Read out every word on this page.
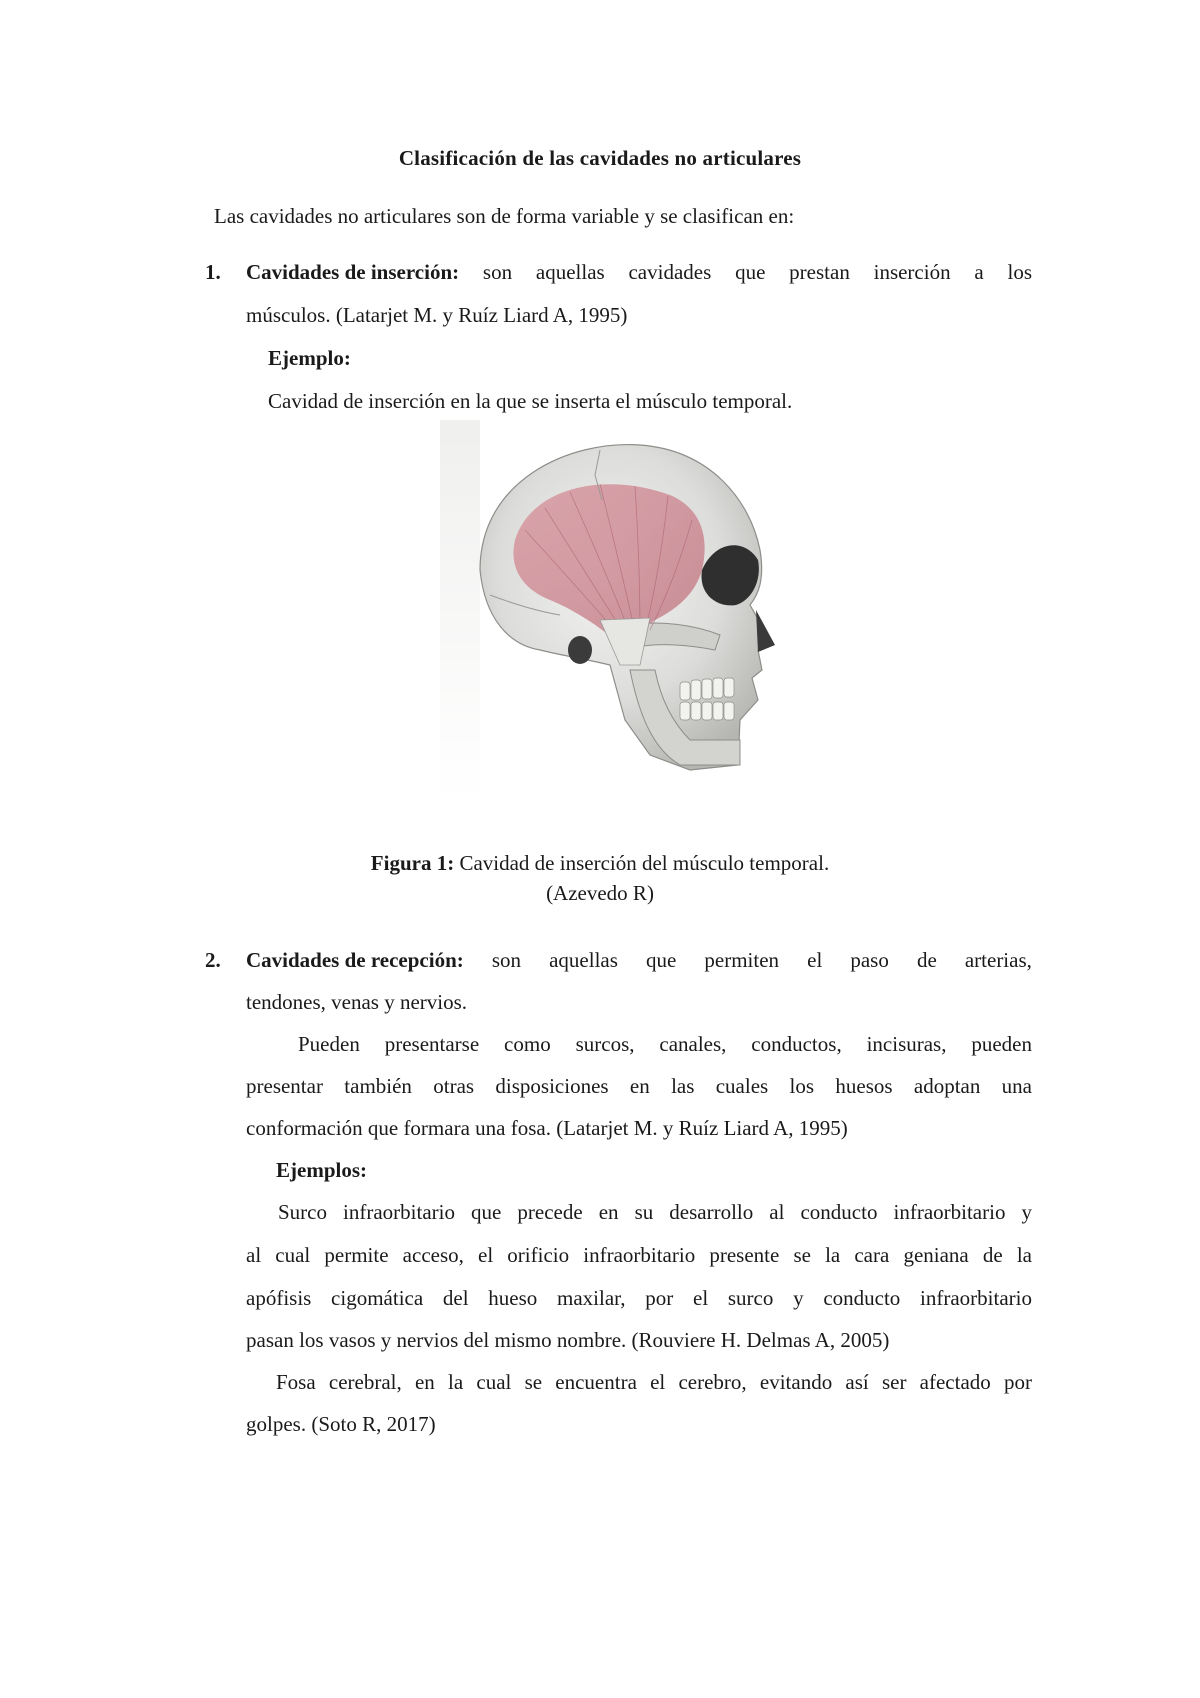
Clasificación de las cavidades no articulares
Las cavidades no articulares son de forma variable y se clasifican en:
1. Cavidades de inserción: son aquellas cavidades que prestan inserción a los
músculos. (Latarjet M. y Ruíz Liard A, 1995)
Ejemplo:
Cavidad de inserción en la que se inserta el músculo temporal.
Figura 1: Cavidad de inserción del músculo temporal.
(Azevedo R)
2. Cavidades de recepción: son aquellas que permiten el paso de arterias,
tendones, venas y nervios.
Pueden presentarse como surcos, canales, conductos, incisuras, pueden
presentar también otras disposiciones en las cuales los huesos adoptan una
conformación que formara una fosa. (Latarjet M. y Ruíz Liard A, 1995)
Ejemplos:
Surco infraorbitario que precede en su desarrollo al conducto infraorbitario y
al cual permite acceso, el orificio infraorbitario presente se la cara geniana de la
apófisis cigomática del hueso maxilar, por el surco y conducto infraorbitario
pasan los vasos y nervios del mismo nombre. (Rouviere H. Delmas A, 2005)
Fosa cerebral, en la cual se encuentra el cerebro, evitando así ser afectado por
golpes. (Soto R, 2017)
